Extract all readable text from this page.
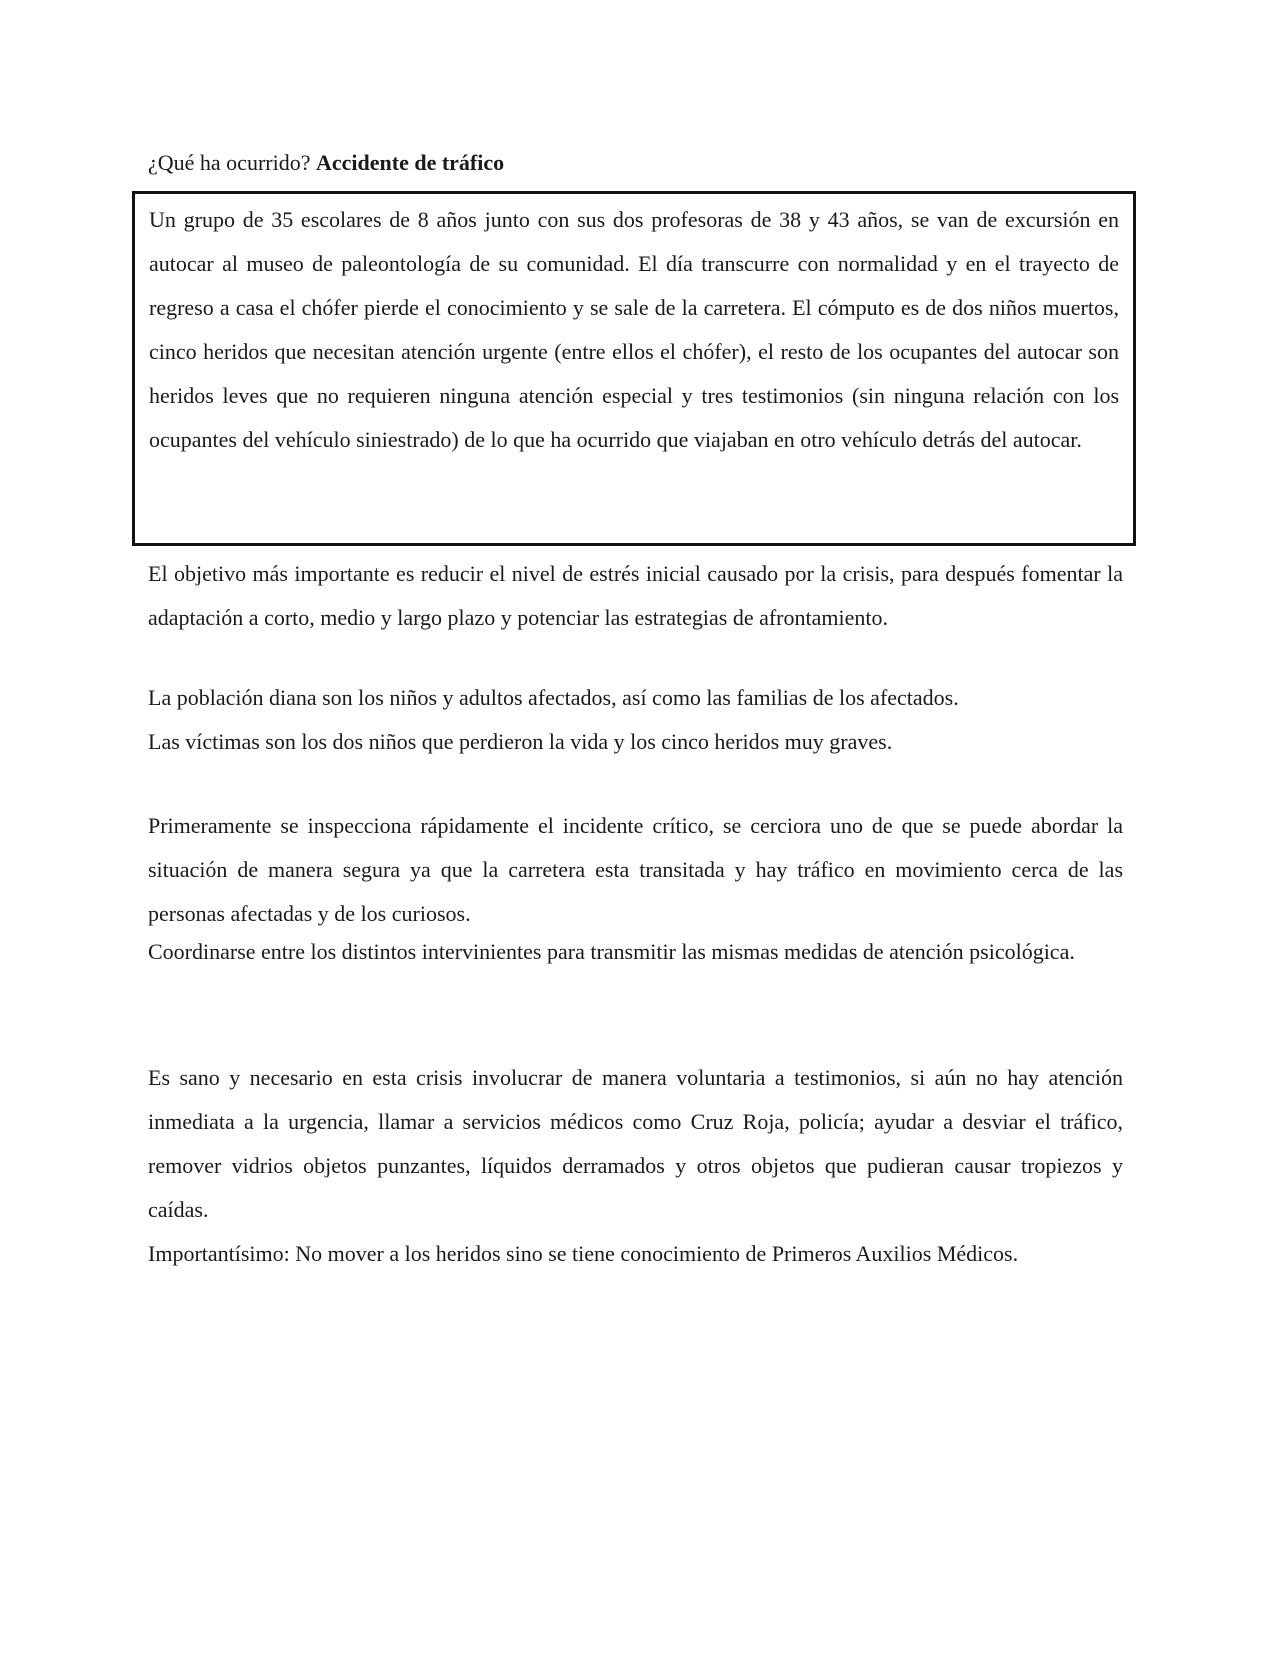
¿Qué ha ocurrido? Accidente de tráfico

Un grupo de 35 escolares de 8 años junto con sus dos profesoras de 38 y 43 años, se van de excursión en autocar al museo de paleontología de su comunidad. El día transcurre con normalidad y en el trayecto de regreso a casa el chófer pierde el conocimiento y se sale de la carretera. El cómputo es de dos niños muertos, cinco heridos que necesitan atención urgente (entre ellos el chófer), el resto de los ocupantes del autocar son heridos leves que no requieren ninguna atención especial y tres testimonios (sin ninguna relación con los ocupantes del vehículo siniestrado) de lo que ha ocurrido que viajaban en otro vehículo detrás del autocar.

El objetivo más importante es reducir el nivel de estrés inicial causado por la crisis, para después fomentar la adaptación a corto, medio y largo plazo y potenciar las estrategias de afrontamiento.

La población diana son los niños y adultos afectados, así como las familias de los afectados.

Las víctimas son los dos niños que perdieron la vida y los cinco heridos muy graves.

Primeramente se inspecciona rápidamente el incidente crítico, se cerciora uno de que se puede abordar la situación de manera segura ya que la carretera esta transitada y hay tráfico en movimiento cerca de las personas afectadas y de los curiosos.

Coordinarse entre los distintos intervinientes para transmitir las mismas medidas de atención psicológica.

Es sano y necesario en esta crisis involucrar de manera voluntaria a testimonios, si aún no hay atención inmediata a la urgencia, llamar a servicios médicos como Cruz Roja, policía; ayudar a desviar el tráfico, remover vidrios objetos punzantes, líquidos derramados y otros objetos que pudieran causar tropiezos y caídas.

Importantísimo: No mover a los heridos sino se tiene conocimiento de Primeros Auxilios Médicos.
